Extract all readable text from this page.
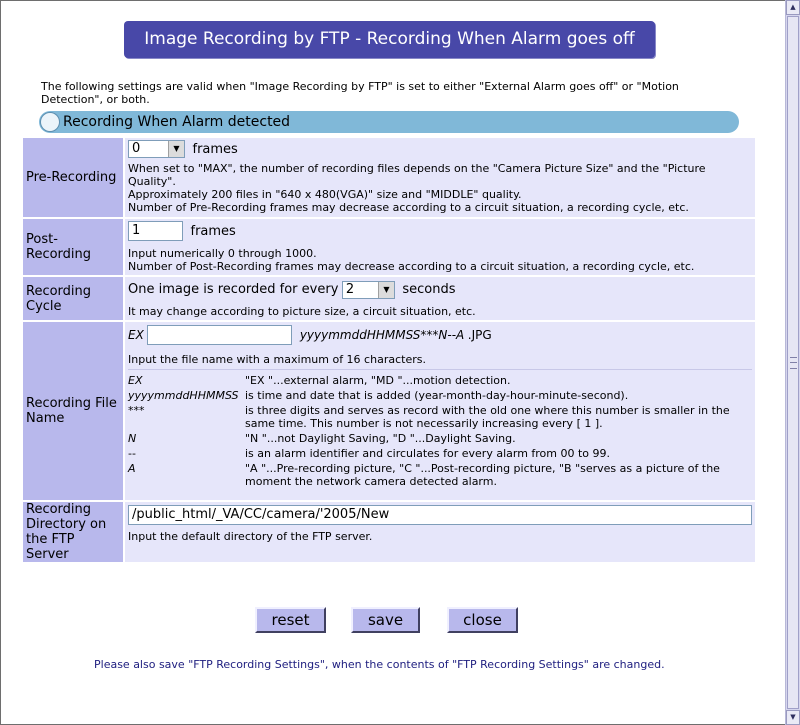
▲
▼
Image Recording by FTP - Recording When Alarm goes off
The following settings are valid when "Image Recording by FTP" is set to either "External Alarm goes off" or "Motion Detection", or both.
Recording When Alarm detected
Pre-Recording	
0	▼ frames
When set to "MAX", the number of recording files depends on the "Camera Picture Size" and the "Picture Quality".
Approximately 200 files in "640 x 480(VGA)" size and "MIDDLE" quality.
Number of Pre-Recording frames may decrease according to a circuit situation, a recording cycle, etc.

Post-Recording	
1	frames
Input numerically 0 through 1000.
Number of Post-Recording frames may decrease according to a circuit situation, a recording cycle, etc.

Recording Cycle	
One image is recorded for every 2	▼ seconds
It may change according to picture size, a circuit situation, etc.

Recording File Name	
EX	yyyymmddHHMMSS***N--A .JPG
Input the file name with a maximum of 16 characters.
EX	"EX "...external alarm, "MD "...motion detection.
yyyymmddHHMMSS	is time and date that is added (year-month-day-hour-minute-second).
***	is three digits and serves as record with the old one where this number is smaller in the same time. This number is not necessarily increasing every [ 1 ].
N	"N "...not Daylight Saving, "D "...Daylight Saving.
--	is an alarm identifier and circulates for every alarm from 00 to 99.
A	"A "...Pre-recording picture, "C "...Post-recording picture, "B "serves as a picture of the moment the network camera detected alarm.

Recording Directory on the FTP Server	
/public_html/_VA/CC/camera/'2005/New
Input the default directory of the FTP server.
reset	save	close
Please also save "FTP Recording Settings", when the contents of "FTP Recording Settings" are changed.
